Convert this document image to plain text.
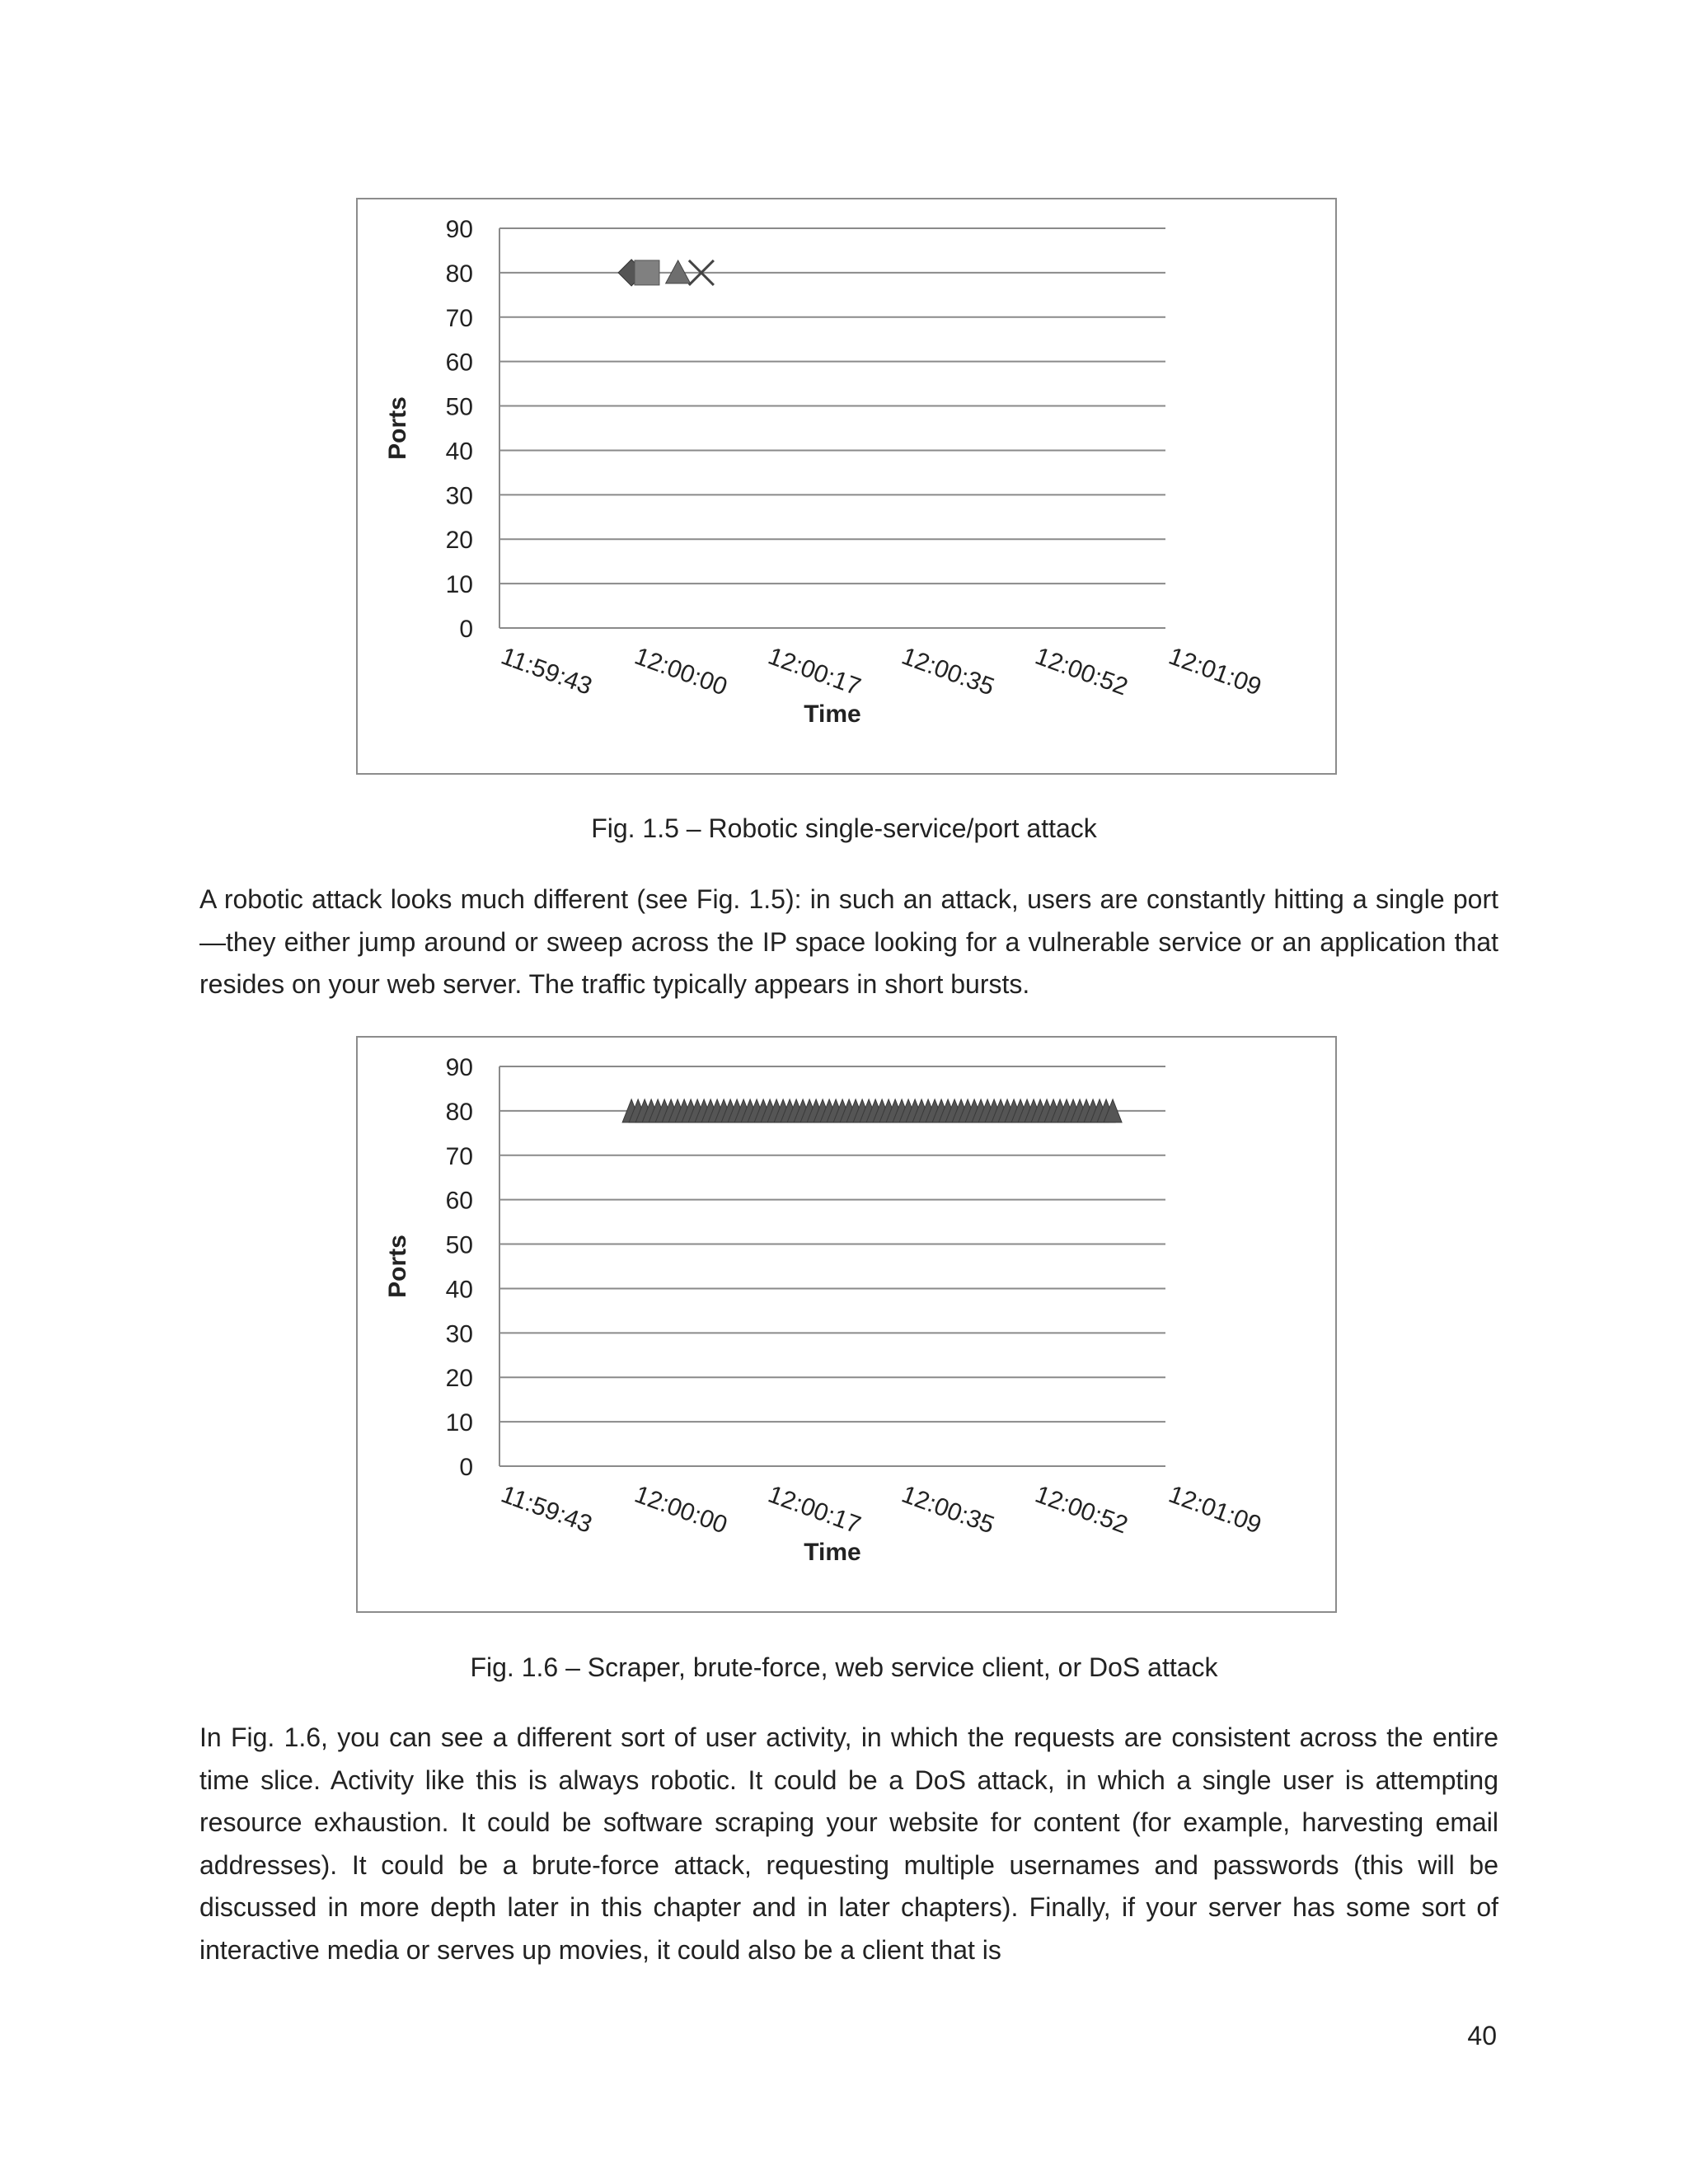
0
10
20
30
40
50
60
70
80
90
11:59:43 12:00:00 12:00:17 12:00:35 12:00:52 12:01:09
Time
Ports
Fig. 1.5 – Robotic single-service/port attack

A robotic attack looks much different (see Fig. 1.5): in such an attack, users are constantly hitting a single port—they either jump around or sweep across the IP space looking for a vulnerable service or an application that resides on your web server. The traffic typically appears in short bursts.

0
10
20
30
40
50
60
70
80
90
11:59:43 12:00:00 12:00:17 12:00:35 12:00:52 12:01:09
Time
Ports
Fig. 1.6 – Scraper, brute-force, web service client, or DoS attack

In Fig. 1.6, you can see a different sort of user activity, in which the requests are consistent across the entire time slice. Activity like this is always robotic. It could be a DoS attack, in which a single user is attempting resource exhaustion. It could be software scraping your website for content (for example, harvesting email addresses). It could be a brute-force attack, requesting multiple usernames and passwords (this will be discussed in more depth later in this chapter and in later chapters). Finally, if your server has some sort of interactive media or serves up movies, it could also be a client that is

40
